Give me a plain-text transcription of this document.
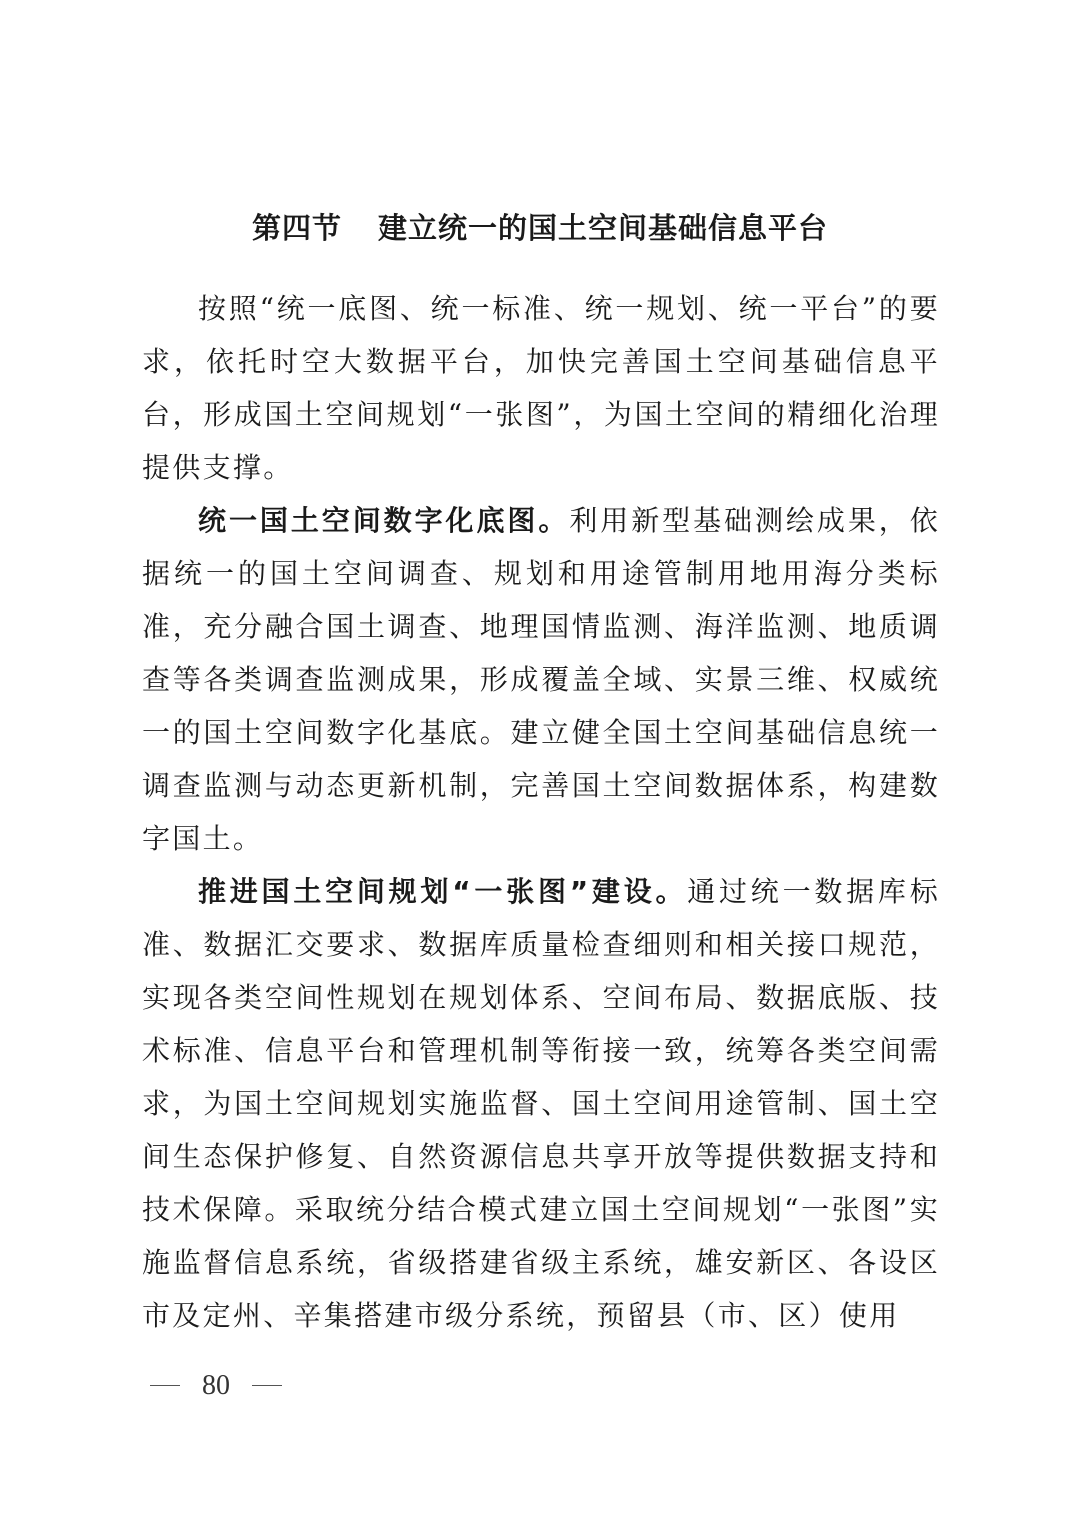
第四节 建立统一的国土空间基础信息平台

按照“统一底图、统一标准、统一规划、统一平台”的要求，依托时空大数据平台，加快完善国土空间基础信息平台，形成国土空间规划“一张图”，为国土空间的精细化治理提供支撑。

统一国土空间数字化底图。利用新型基础测绘成果，依据统一的国土空间调查、规划和用途管制用地用海分类标准，充分融合国土调查、地理国情监测、海洋监测、地质调查等各类调查监测成果，形成覆盖全域、实景三维、权威统一的国土空间数字化基底。建立健全国土空间基础信息统一调查监测与动态更新机制，完善国土空间数据体系，构建数字国土。

推进国土空间规划“一张图”建设。通过统一数据库标准、数据汇交要求、数据库质量检查细则和相关接口规范，实现各类空间性规划在规划体系、空间布局、数据底版、技术标准、信息平台和管理机制等衔接一致，统筹各类空间需求，为国土空间规划实施监督、国土空间用途管制、国土空间生态保护修复、自然资源信息共享开放等提供数据支持和技术保障。采取统分结合模式建立国土空间规划“一张图”实施监督信息系统，省级搭建省级主系统，雄安新区、各设区市及定州、辛集搭建市级分系统，预留县（市、区）使用

80
